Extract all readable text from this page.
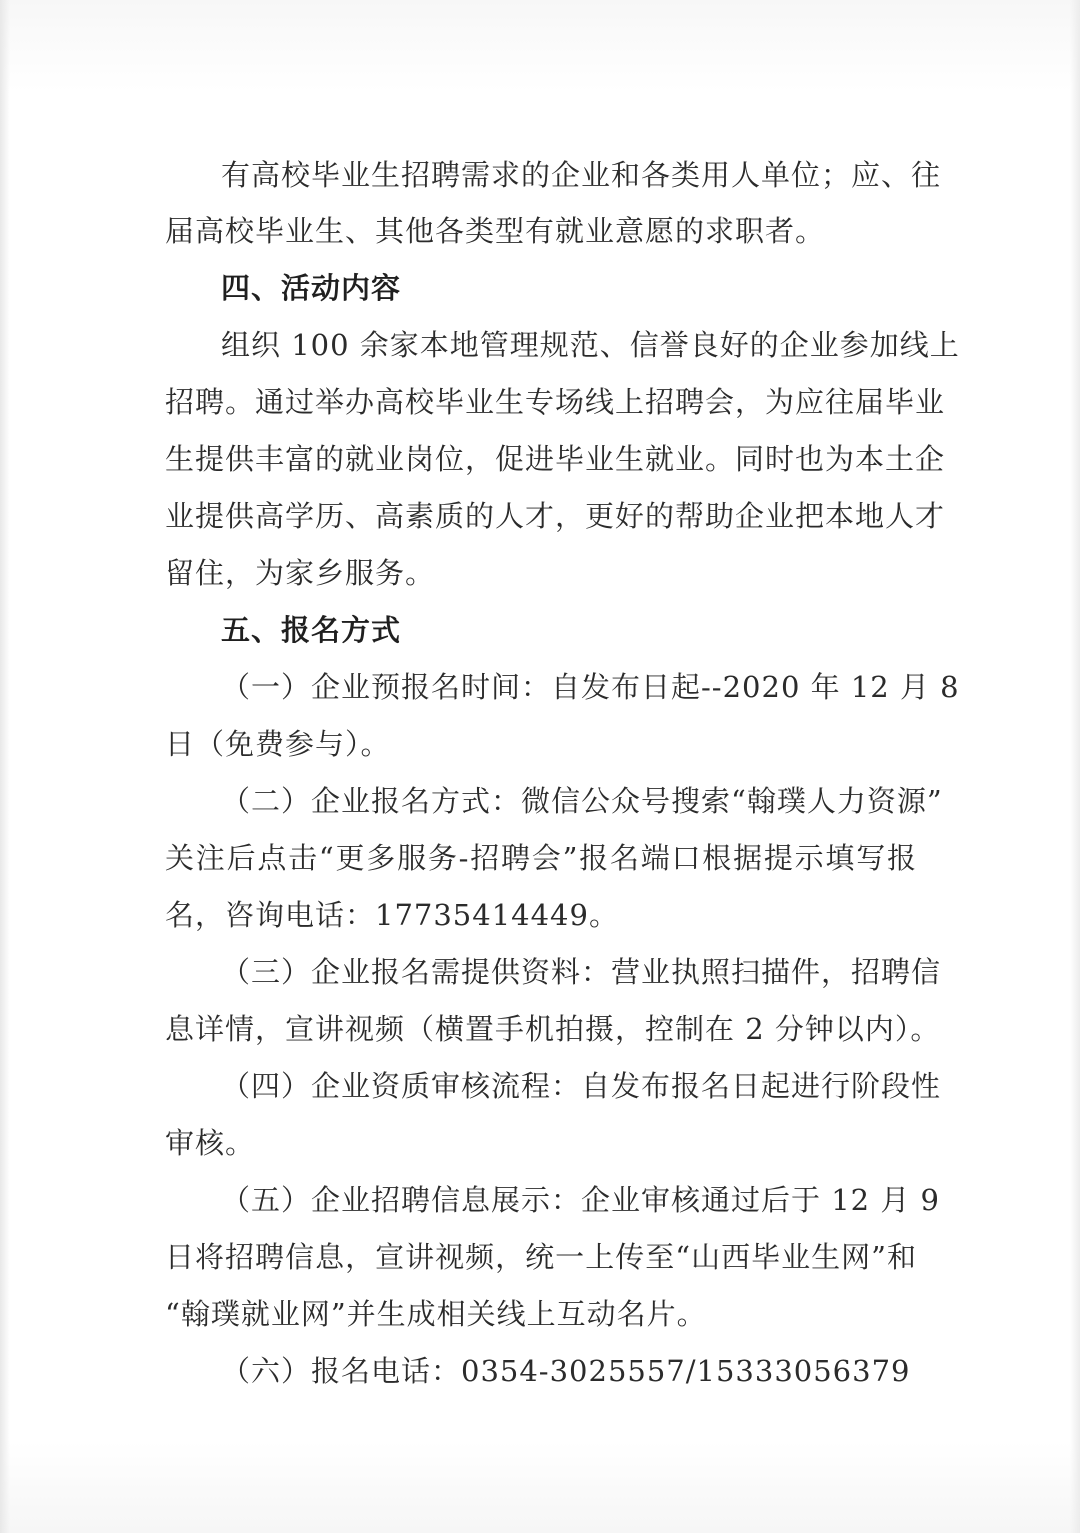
有高校毕业生招聘需求的企业和各类用人单位；应、往
届高校毕业生、其他各类型有就业意愿的求职者。
四、活动内容
组织 100 余家本地管理规范、信誉良好的企业参加线上
招聘。通过举办高校毕业生专场线上招聘会，为应往届毕业
生提供丰富的就业岗位，促进毕业生就业。同时也为本土企
业提供高学历、高素质的人才，更好的帮助企业把本地人才
留住，为家乡服务。
五、报名方式
（一）企业预报名时间：自发布日起--2020 年 12 月 8
日（免费参与）。
（二）企业报名方式：微信公众号搜索“翰璞人力资源”
关注后点击“更多服务-招聘会”报名端口根据提示填写报
名，咨询电话：17735414449。
（三）企业报名需提供资料：营业执照扫描件，招聘信
息详情，宣讲视频（横置手机拍摄，控制在 2 分钟以内）。
（四）企业资质审核流程：自发布报名日起进行阶段性
审核。
（五）企业招聘信息展示：企业审核通过后于 12 月 9
日将招聘信息，宣讲视频，统一上传至“山西毕业生网”和
“翰璞就业网”并生成相关线上互动名片。
（六）报名电话：0354-3025557/15333056379
